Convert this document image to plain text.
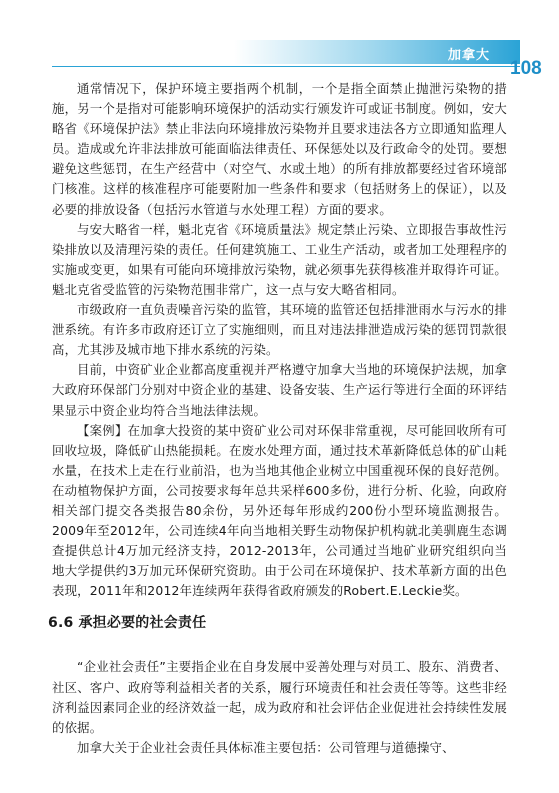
加拿大
108

通常情况下，保护环境主要指两个机制，一个是指全面禁止抛泄污染物的措施，另一个是指对可能影响环境保护的活动实行颁发许可或证书制度。例如，安大略省《环境保护法》禁止非法向环境排放污染物并且要求违法各方立即通知监理人员。造成或允许非法排放可能面临法律责任、环保惩处以及行政命令的处罚。要想避免这些惩罚，在生产经营中（对空气、水或土地）的所有排放都要经过省环境部门核准。这样的核准程序可能要附加一些条件和要求（包括财务上的保证），以及必要的排放设备（包括污水管道与水处理工程）方面的要求。

与安大略省一样，魁北克省《环境质量法》规定禁止污染、立即报告事故性污染排放以及清理污染的责任。任何建筑施工、工业生产活动，或者加工处理程序的实施或变更，如果有可能向环境排放污染物，就必须事先获得核准并取得许可证。魁北克省受监管的污染物范围非常广，这一点与安大略省相同。

市级政府一直负责噪音污染的监管，其环境的监管还包括排泄雨水与污水的排泄系统。有许多市政府还订立了实施细则，而且对违法排泄造成污染的惩罚罚款很高，尤其涉及城市地下排水系统的污染。

目前，中资矿业企业都高度重视并严格遵守加拿大当地的环境保护法规，加拿大政府环保部门分别对中资企业的基建、设备安装、生产运行等进行全面的环评结果显示中资企业均符合当地法律法规。

【案例】在加拿大投资的某中资矿业公司对环保非常重视，尽可能回收所有可回收垃圾，降低矿山热能损耗。在废水处理方面，通过技术革新降低总体的矿山耗水量，在技术上走在行业前沿，也为当地其他企业树立中国重视环保的良好范例。在动植物保护方面，公司按要求每年总共采样600多份，进行分析、化验，向政府相关部门提交各类报告80余份，另外还每年形成约200份小型环境监测报告。2009年至2012年，公司连续4年向当地相关野生动物保护机构就北美驯鹿生态调查提供总计4万加元经济支持，2012-2013年，公司通过当地矿业研究组织向当地大学提供约3万加元环保研究资助。由于公司在环境保护、技术革新方面的出色表现，2011年和2012年连续两年获得省政府颁发的Robert.E.Leckie奖。

6.6 承担必要的社会责任

“企业社会责任”主要指企业在自身发展中妥善处理与对员工、股东、消费者、社区、客户、政府等利益相关者的关系，履行环境责任和社会责任等等。这些非经济利益因素同企业的经济效益一起，成为政府和社会评估企业促进社会持续性发展的依据。

加拿大关于企业社会责任具体标准主要包括：公司管理与道德操守、
